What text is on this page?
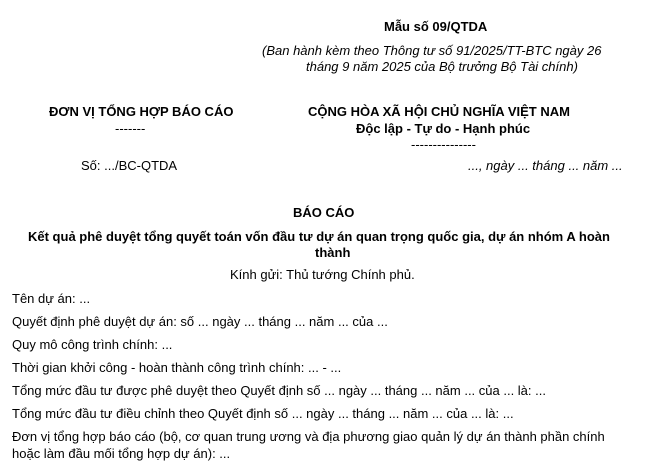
Mẫu số 09/QTDA
(Ban hành kèm theo Thông tư số 91/2025/TT-BTC ngày 26
tháng 9 năm 2025 của Bộ trưởng Bộ Tài chính)
ĐƠN VỊ TỔNG HỢP BÁO CÁO
-------
Số: .../BC-QTDA
CỘNG HÒA XÃ HỘI CHỦ NGHĨA VIỆT NAM
Độc lập - Tự do - Hạnh phúc
---------------
..., ngày ... tháng ... năm ...
BÁO CÁO
Kết quả phê duyệt tổng quyết toán vốn đầu tư dự án quan trọng quốc gia, dự án nhóm A hoàn
thành
Kính gửi: Thủ tướng Chính phủ.
Tên dự án: ...
Quyết định phê duyệt dự án: số ... ngày ... tháng ... năm ... của ...
Quy mô công trình chính: ...
Thời gian khởi công - hoàn thành công trình chính: ... - ...
Tổng mức đầu tư được phê duyệt theo Quyết định số ... ngày ... tháng ... năm ... của ... là: ...
Tổng mức đầu tư điều chỉnh theo Quyết định số ... ngày ... tháng ... năm ... của ... là: ...
Đơn vị tổng hợp báo cáo (bộ, cơ quan trung ương và địa phương giao quản lý dự án thành phần chính
hoặc làm đầu mối tổng hợp dự án): ...
